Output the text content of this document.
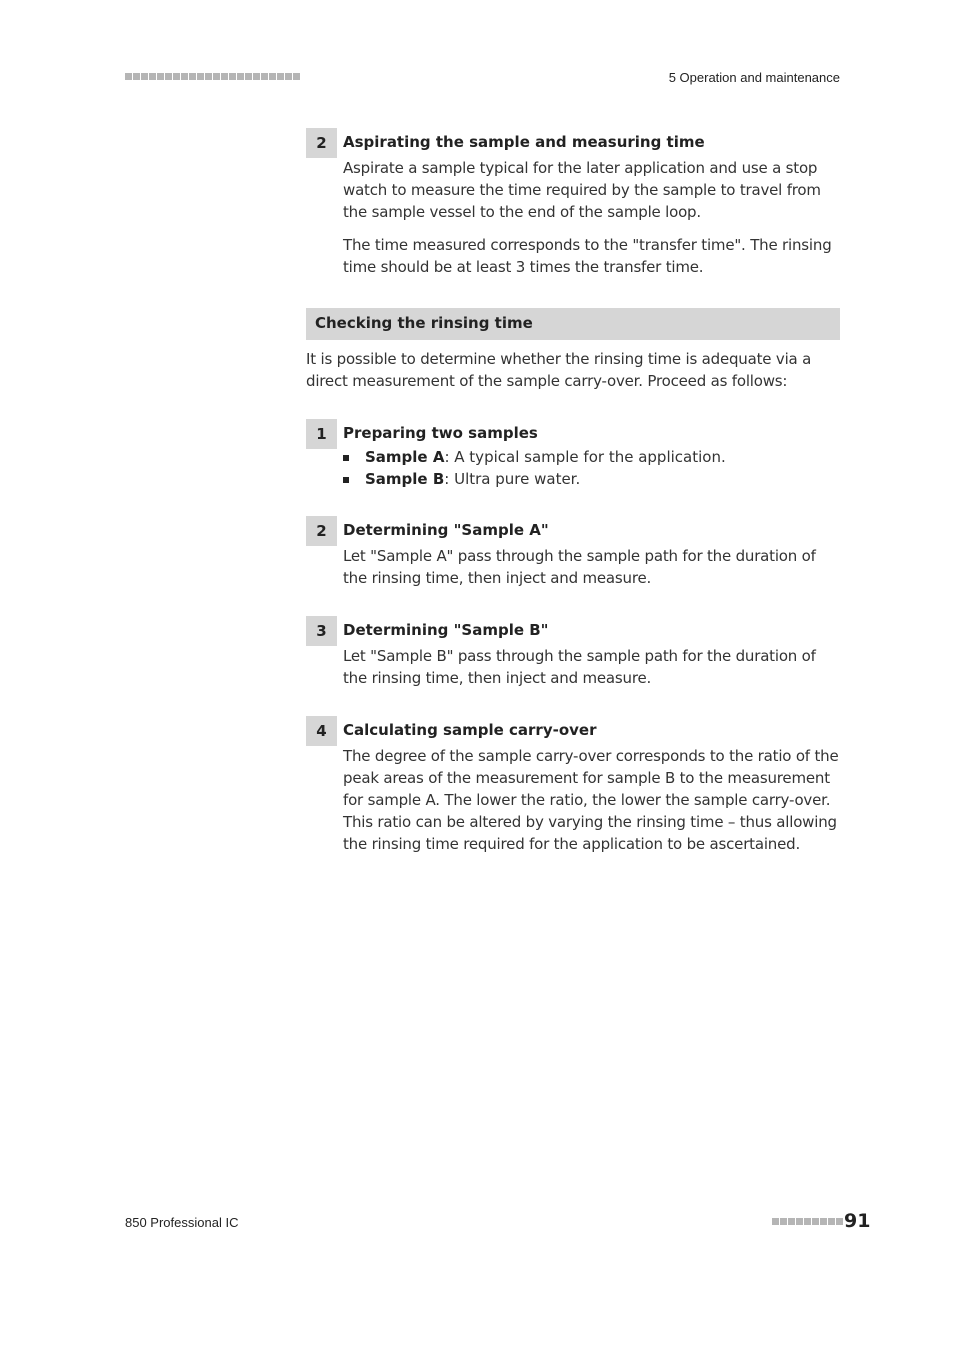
5 Operation and maintenance
2	Aspirating the sample and measuring time
Aspirate a sample typical for the later application and use a stop watch to measure the time required by the sample to travel from the sample vessel to the end of the sample loop.
The time measured corresponds to the "transfer time". The rinsing time should be at least 3 times the transfer time.
Checking the rinsing time
It is possible to determine whether the rinsing time is adequate via a direct measurement of the sample carry-over. Proceed as follows:
1	Preparing two samples
Sample A: A typical sample for the application.
Sample B: Ultra pure water.
2	Determining "Sample A"
Let "Sample A" pass through the sample path for the duration of the rinsing time, then inject and measure.
3	Determining "Sample B"
Let "Sample B" pass through the sample path for the duration of the rinsing time, then inject and measure.
4	Calculating sample carry-over
The degree of the sample carry-over corresponds to the ratio of the peak areas of the measurement for sample B to the measurement for sample A. The lower the ratio, the lower the sample carry-over. This ratio can be altered by varying the rinsing time – thus allowing the rinsing time required for the application to be ascertained.
850 Professional IC	91
